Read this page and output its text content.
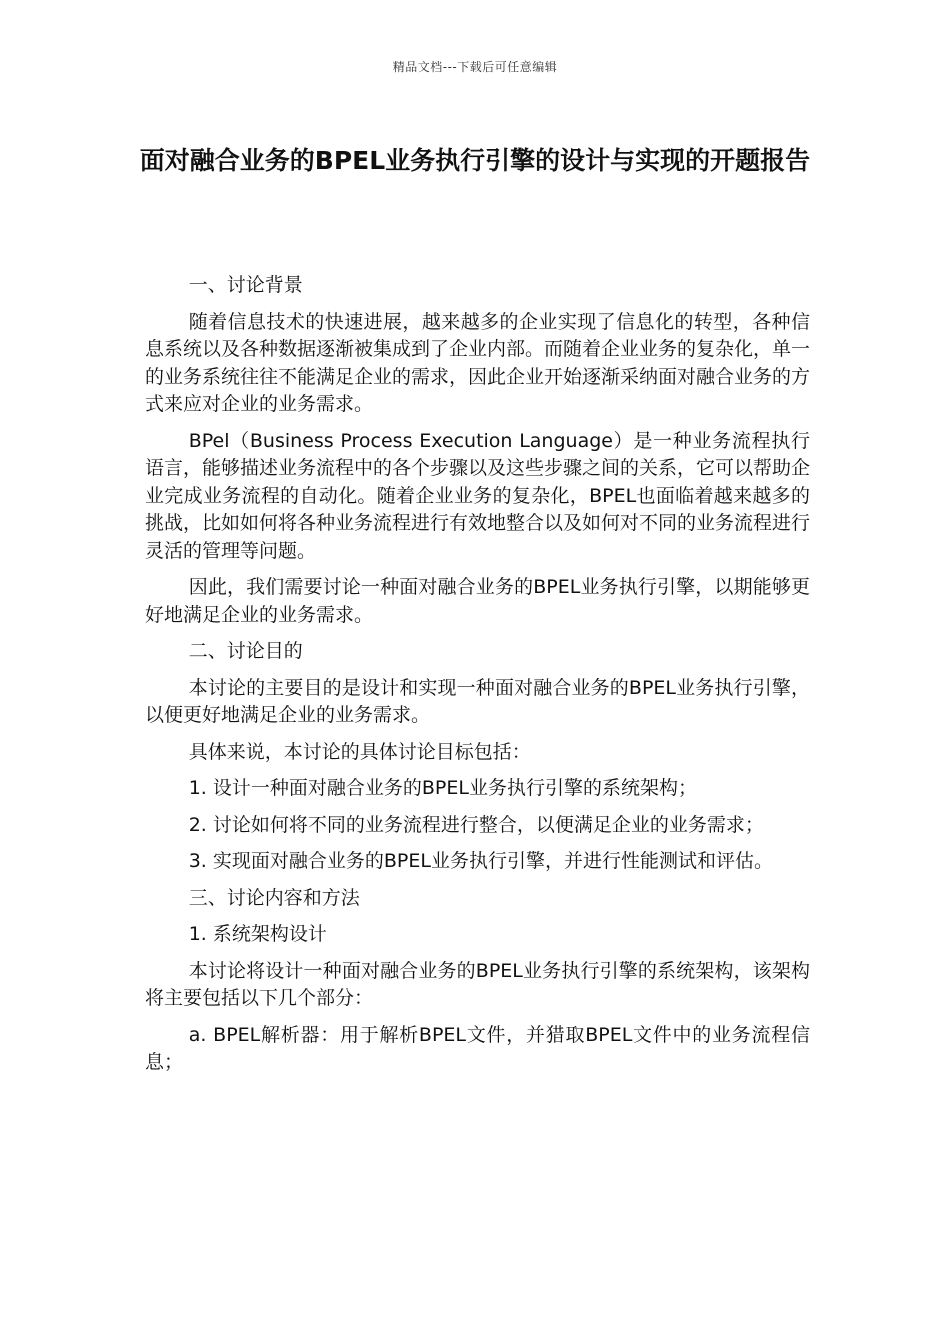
精品文档---下载后可任意编辑
面对融合业务的BPEL业务执行引擎的设计与实现的开题报告

一、讨论背景

随着信息技术的快速进展，越来越多的企业实现了信息化的转型，各种信息系统以及各种数据逐渐被集成到了企业内部。而随着企业业务的复杂化，单一的业务系统往往不能满足企业的需求，因此企业开始逐渐采纳面对融合业务的方式来应对企业的业务需求。

BPel（Business Process Execution Language）是一种业务流程执行语言，能够描述业务流程中的各个步骤以及这些步骤之间的关系，它可以帮助企业完成业务流程的自动化。随着企业业务的复杂化，BPEL也面临着越来越多的挑战，比如如何将各种业务流程进行有效地整合以及如何对不同的业务流程进行灵活的管理等问题。

因此，我们需要讨论一种面对融合业务的BPEL业务执行引擎，以期能够更好地满足企业的业务需求。

二、讨论目的

本讨论的主要目的是设计和实现一种面对融合业务的BPEL业务执行引擎，以便更好地满足企业的业务需求。

具体来说，本讨论的具体讨论目标包括：

1. 设计一种面对融合业务的BPEL业务执行引擎的系统架构；

2. 讨论如何将不同的业务流程进行整合，以便满足企业的业务需求；

3. 实现面对融合业务的BPEL业务执行引擎，并进行性能测试和评估。

三、讨论内容和方法

1. 系统架构设计

本讨论将设计一种面对融合业务的BPEL业务执行引擎的系统架构，该架构将主要包括以下几个部分：

a. BPEL解析器：用于解析BPEL文件，并猎取BPEL文件中的业务流程信息；
